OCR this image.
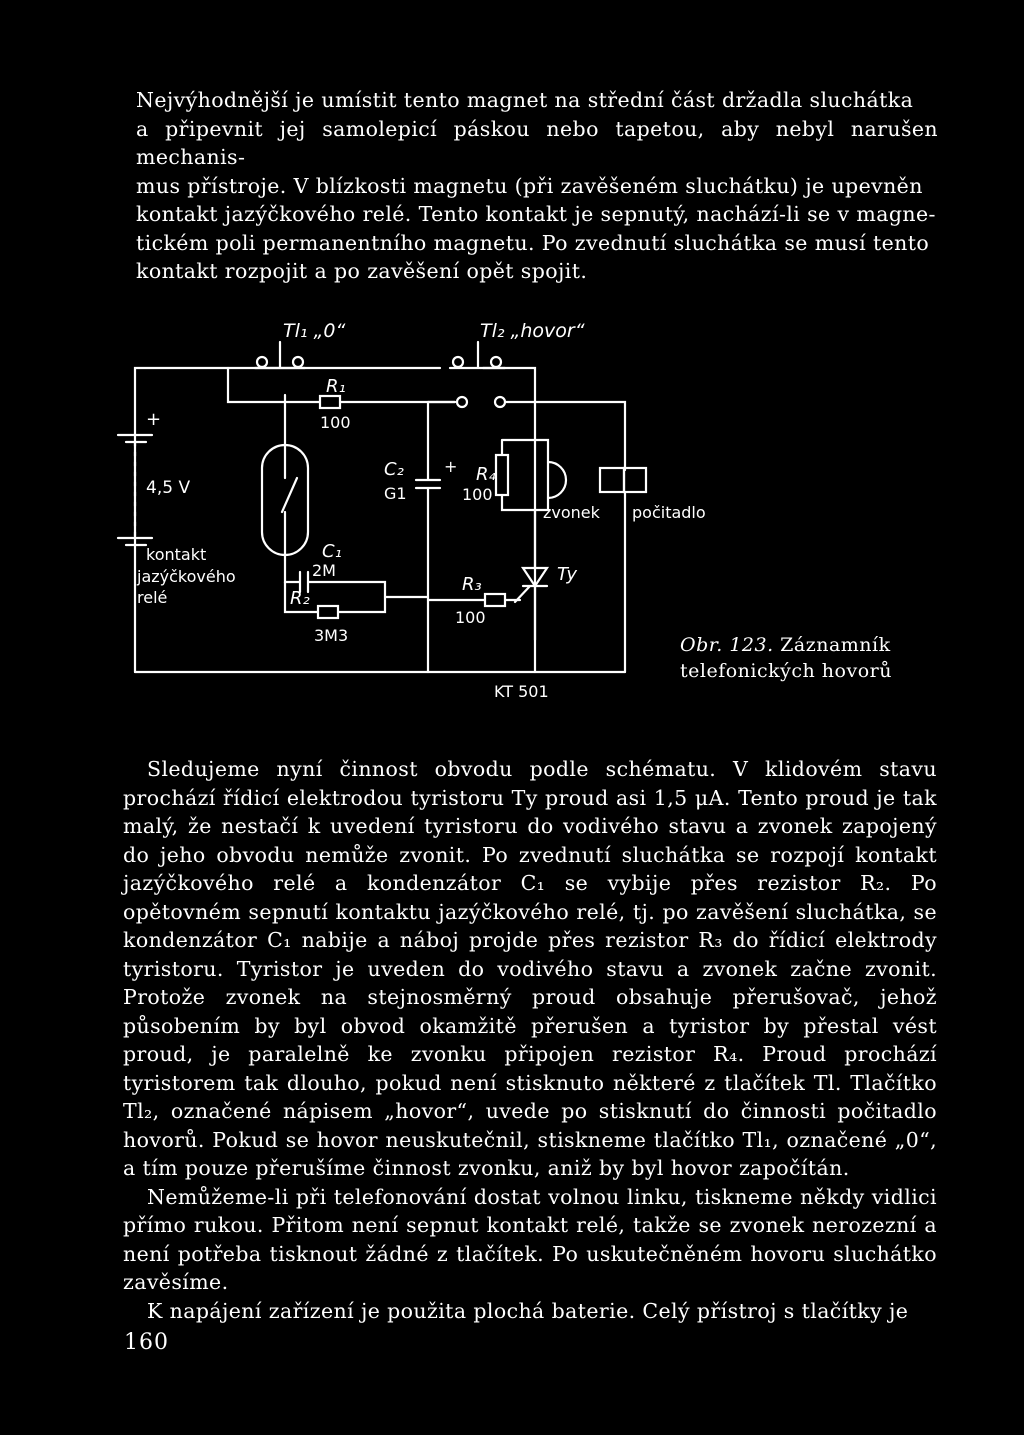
Nejvýhodnější je umístit tento magnet na střední část držadla sluchátka

a připevnit jej samolepicí páskou nebo tapetou, aby nebyl narušen mechanis-

mus přístroje. V blízkosti magnetu (při zavěšeném sluchátku) je upevněn

kontakt jazýčkového relé. Tento kontakt je sepnutý, nachází-li se v magne-

tickém poli permanentního magnetu. Po zvednutí sluchátka se musí tento

kontakt rozpojit a po zavěšení opět spojit.

Tl₁ „0“	Tl₂ „hovor“
R₁
100
+
4,5 V
kontakt
jazýčkového
relé
C₂
G1
+ R₄
100
zvonek počitadlo
C₁
2M
R₂
3M3
R₃
100
Ty
KT 501
Obr. 123. Záznamník
telefonických hovorů

Sledujeme nyní činnost obvodu podle schématu. V klidovém stavu prochází řídicí elektrodou tyristoru Ty proud asi 1,5 μA. Tento proud je tak malý, že nestačí k uvedení tyristoru do vodivého stavu a zvonek zapojený do jeho obvodu nemůže zvonit. Po zvednutí sluchátka se rozpojí kontakt jazýčkového relé a kondenzátor C₁ se vybije přes rezistor R₂. Po opětovném sepnutí kontaktu jazýčkového relé, tj. po zavěšení sluchátka, se kondenzátor C₁ nabije a náboj projde přes rezistor R₃ do řídicí elektrody tyristoru. Tyristor je uveden do vodivého stavu a zvonek začne zvonit. Protože zvonek na stejnosměrný proud obsahuje přerušovač, jehož působením by byl obvod okamžitě přerušen a tyristor by přestal vést proud, je paralelně ke zvonku připojen rezistor R₄. Proud prochází tyristorem tak dlouho, pokud není stisknuto některé z tlačítek Tl. Tlačítko Tl₂, označené nápisem „hovor“, uvede po stisknutí do činnosti počitadlo hovorů. Pokud se hovor neuskutečnil, stiskneme tlačítko Tl₁, označené „0“, a tím pouze přerušíme činnost zvonku, aniž by byl hovor započítán.

Nemůžeme-li při telefonování dostat volnou linku, tiskneme někdy vidlici přímo rukou. Přitom není sepnut kontakt relé, takže se zvonek nerozezní a není potřeba tisknout žádné z tlačítek. Po uskutečněném hovoru sluchátko zavěsíme.

K napájení zařízení je použita plochá baterie. Celý přístroj s tlačítky je

160
